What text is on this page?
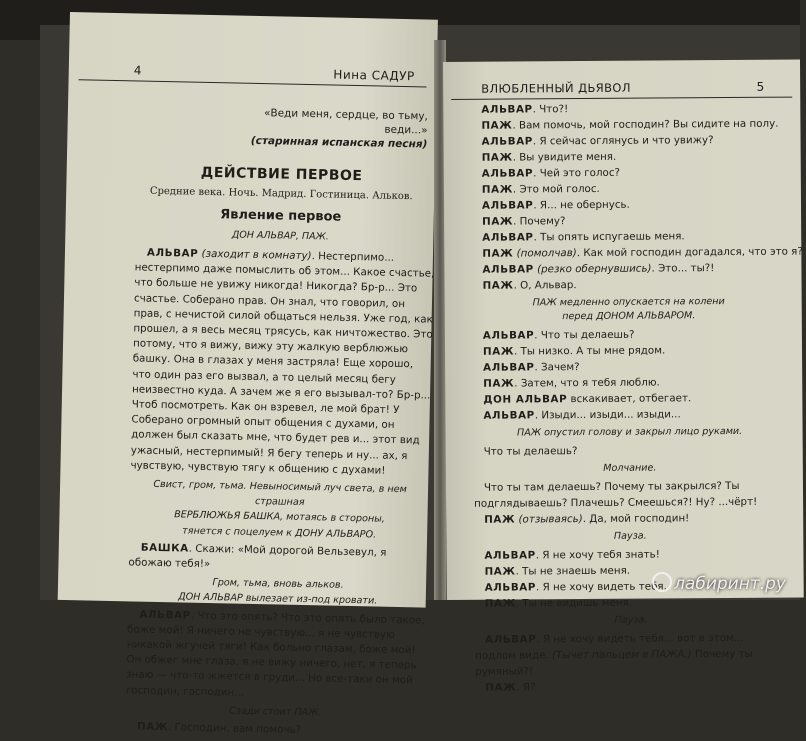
4	Нина САДУР
«Веди меня, сердце, во тьму, веди...»
(старинная испанская песня)
ДЕЙСТВИЕ ПЕРВОЕ
Средние века. Ночь. Мадрид. Гостиница. Альков.
Явление первое
ДОН АЛЬВАР, ПАЖ.

АЛЬВАР (заходит в комнату). Нестерпимо... нестерпимо даже помыслить об этом... Какое счастье, что больше не увижу никогда! Никогда? Бр-р... Это счастье. Соберано прав. Он знал, что говорил, он прав, с нечистой силой общаться нельзя. Уже год, как прошел, а я весь месяц трясусь, как ничтожество. Это потому, что я вижу, вижу эту жалкую верблюжью башку. Она в глазах у меня застряла! Еще хорошо, что один раз его вызвал, а то целый месяц бегу неизвестно куда. А зачем же я его вызывал-то? Бр-р... Чтоб посмотреть. Как он взревел, ле мой брат! У Соберано огромный опыт общения с духами, он должен был сказать мне, что будет рев и... этот вид ужасный, нестерпимый! Я бегу теперь и ну... ах, я чувствую, чувствую тягу к общению с духами!

Свист, гром, тьма. Невыносимый луч света, в нем страшная
ВЕРБЛЮЖЬЯ БАШКА, мотаясь в стороны,
тянется с поцелуем к ДОНУ АЛЬВАРО.

БАШКА. Скажи: «Мой дорогой Вельзевул, я обожаю тебя!»

Гром, тьма, вновь альков.
ДОН АЛЬВАР вылезает из-под кровати.

АЛЬВАР. Что это опять? Что это опять было такое, боже мой! Я ничего не чувствую... я не чувствую никакой жгучей тяги! Как больно глазам, боже мой! Он обжег мне глаза, я не вижу ничего, нет, я теперь знаю — что-то жжется в груди... Но все-таки он мой господин, господин...

Сзади стоит ПАЖ.

ПАЖ. Господин, вам помочь?

ВЛЮБЛЕННЫЙ ДЬЯВОЛ	5

АЛЬВАР. Что?!

ПАЖ. Вам помочь, мой господин? Вы сидите на полу.

АЛЬВАР. Я сейчас оглянусь и что увижу?

ПАЖ. Вы увидите меня.

АЛЬВАР. Чей это голос?

ПАЖ. Это мой голос.

АЛЬВАР. Я... не обернусь.

ПАЖ. Почему?

АЛЬВАР. Ты опять испугаешь меня.

ПАЖ (помолчав). Как мой господин догадался, что это я?

АЛЬВАР (резко обернувшись). Это... ты?!

ПАЖ. О, Альвар.

ПАЖ медленно опускается на колени
перед ДОНОМ АЛЬВАРОМ.

АЛЬВАР. Что ты делаешь?

ПАЖ. Ты низко. А ты мне рядом.

АЛЬВАР. Зачем?

ПАЖ. Затем, что я тебя люблю.

ДОН АЛЬВАР вскакивает, отбегает.

АЛЬВАР. Изыди... изыди... изыди...

ПАЖ опустил голову и закрыл лицо руками.

Что ты делаешь?

Молчание.

Что ты там делаешь? Почему ты закрылся? Ты подглядываешь? Плачешь? Смеешься?! Ну? ...чёрт!

ПАЖ (отзываясь). Да, мой господин!

Пауза.

АЛЬВАР. Я не хочу тебя знать!

ПАЖ. Ты не знаешь меня.

АЛЬВАР. Я не хочу видеть тебя.

ПАЖ. Ты не видишь меня.

Пауза.

АЛЬВАР. Я не хочу видеть тебя... вот в этом... подлом виде. (Тычет пальцем в ПАЖА.) Почему ты румяный?!

ПАЖ. Я?

лабиринт.ру
